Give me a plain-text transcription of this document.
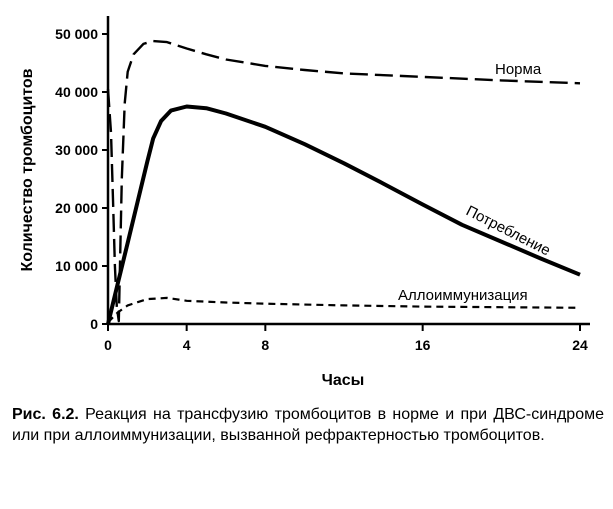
0	4	8	16	24
0
10 000
20 000
30 000
40 000
50 000
Норма
Потребление
Аллоиммунизация
Часы
Количество тромбоцитов
Рис. 6.2. Реакция на трансфузию тромбоцитов в норме и при ДВС-синдроме или при аллоиммунизации, вызванной рефрактерностью тромбоцитов.
